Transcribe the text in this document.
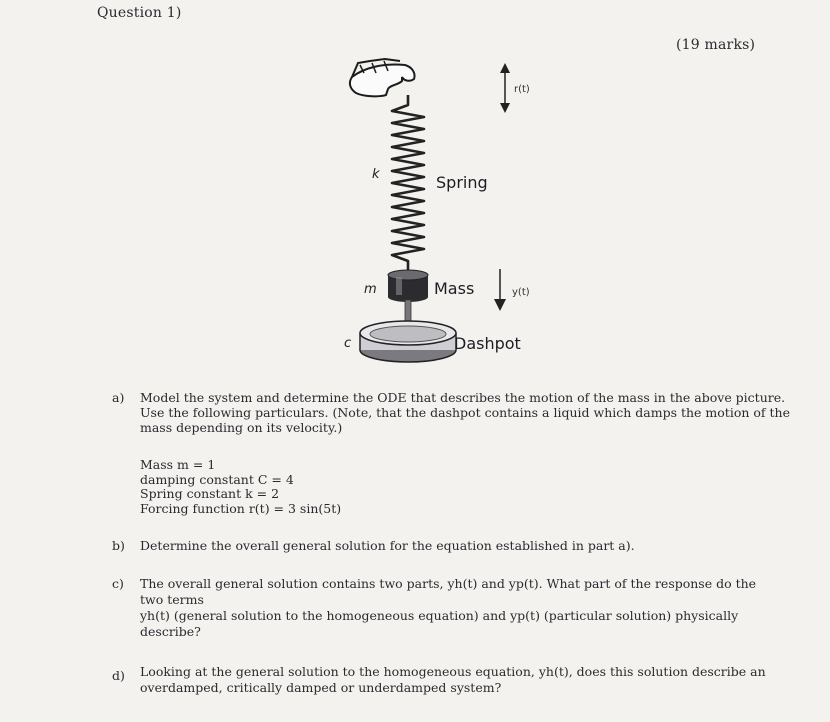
Question 1)
(19 marks)
r(t)
y(t)
k	Spring
m	Mass
c	Dashpot
a) Model the system and determine the ODE that describes the motion of the mass in the above picture.
Use the following particulars. (Note, that the dashpot contains a liquid which damps the motion of the
mass depending on its velocity.)
Mass m = 1
damping constant C = 4
Spring constant k = 2
Forcing function r(t) = 3 sin(5t)
b) Determine the overall general solution for the equation established in part a).
c) The overall general solution contains two parts, yh(t) and yp(t). What part of the response do the
two terms
yh(t) (general solution to the homogeneous equation) and yp(t) (particular solution) physically
describe?
d) Looking at the general solution to the homogeneous equation, yh(t), does this solution describe an
overdamped, critically damped or underdamped system?
